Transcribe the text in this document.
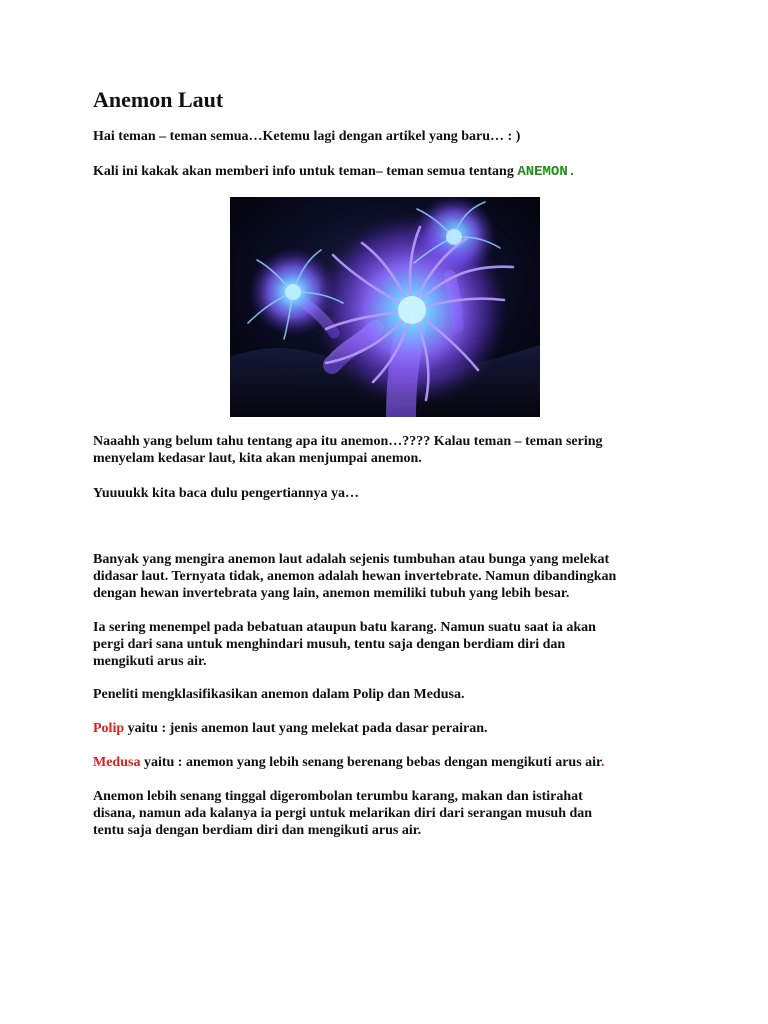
Anemon Laut

Hai teman – teman semua…Ketemu lagi dengan artikel yang baru… : )

Kali ini kakak akan memberi info untuk teman– teman semua tentang ANEMON.

Naaahh yang belum tahu tentang apa itu anemon…???? Kalau teman – teman sering
menyelam kedasar laut, kita akan menjumpai anemon.

Yuuuukk kita baca dulu pengertiannya ya…

Banyak yang mengira anemon laut adalah sejenis tumbuhan atau bunga yang melekat
didasar laut. Ternyata tidak, anemon adalah hewan invertebrate. Namun dibandingkan
dengan hewan invertebrata yang lain, anemon memiliki tubuh yang lebih besar.

Ia sering menempel pada bebatuan ataupun batu karang. Namun suatu saat ia akan
pergi dari sana untuk menghindari musuh, tentu saja dengan berdiam diri dan
mengikuti arus air.

Peneliti mengklasifikasikan anemon dalam Polip dan Medusa.

Polip yaitu : jenis anemon laut yang melekat pada dasar perairan.

Medusa yaitu : anemon yang lebih senang berenang bebas dengan mengikuti arus air.

Anemon lebih senang tinggal digerombolan terumbu karang, makan dan istirahat
disana, namun ada kalanya ia pergi untuk melarikan diri dari serangan musuh dan
tentu saja dengan berdiam diri dan mengikuti arus air.
